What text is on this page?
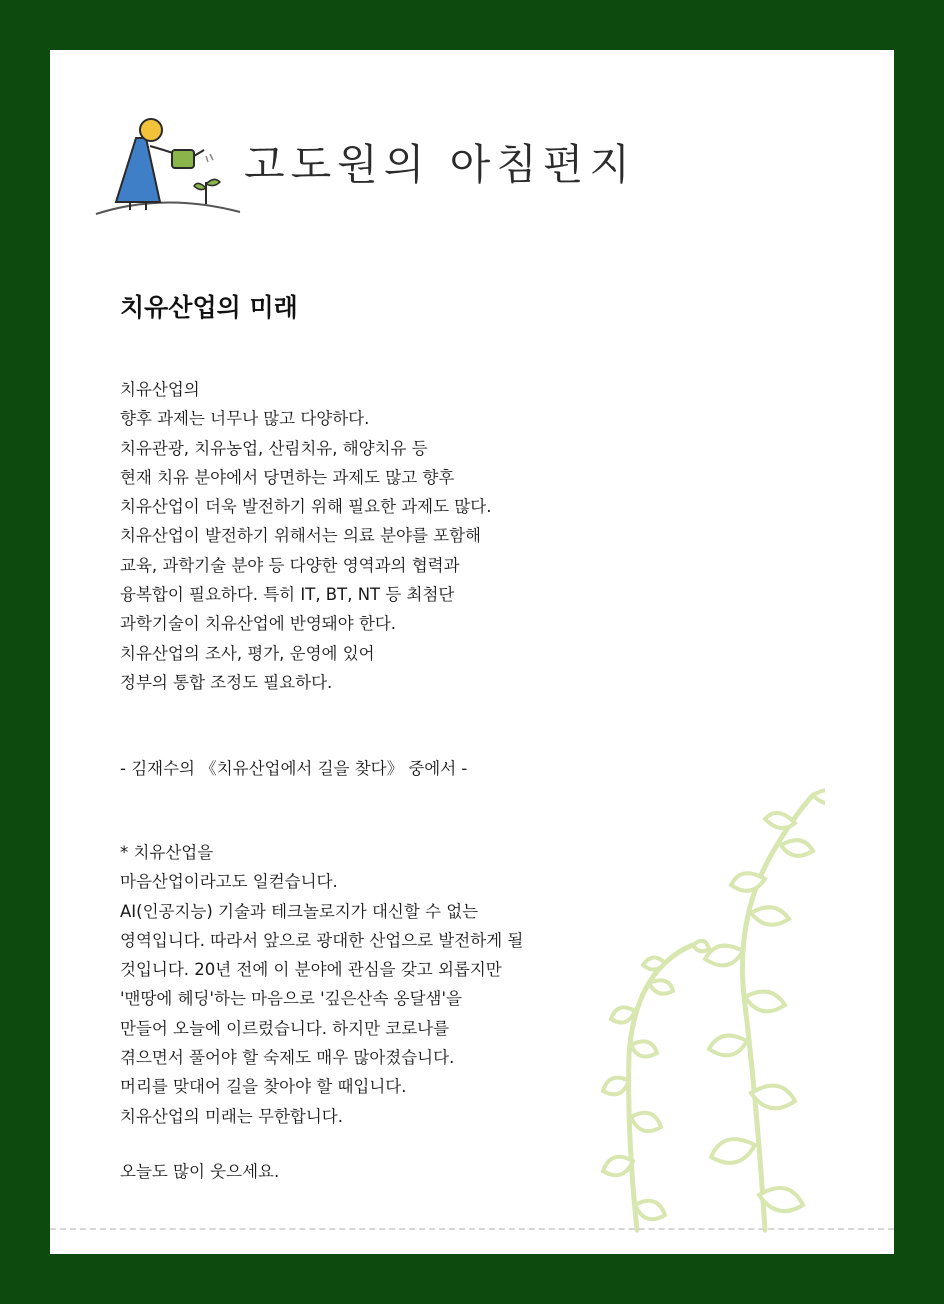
고도원의 아침편지
치유산업의 미래
치유산업의
향후 과제는 너무나 많고 다양하다.
치유관광, 치유농업, 산림치유, 해양치유 등
현재 치유 분야에서 당면하는 과제도 많고 향후
치유산업이 더욱 발전하기 위해 필요한 과제도 많다.
치유산업이 발전하기 위해서는 의료 분야를 포함해
교육, 과학기술 분야 등 다양한 영역과의 협력과
융복합이 필요하다. 특히 IT, BT, NT 등 최첨단
과학기술이 치유산업에 반영돼야 한다.
치유산업의 조사, 평가, 운영에 있어
정부의 통합 조정도 필요하다.
- 김재수의 《치유산업에서 길을 찾다》 중에서 -
* 치유산업을
마음산업이라고도 일컫습니다.
AI(인공지능) 기술과 테크놀로지가 대신할 수 없는
영역입니다. 따라서 앞으로 광대한 산업으로 발전하게 될
것입니다. 20년 전에 이 분야에 관심을 갖고 외롭지만
'맨땅에 헤딩'하는 마음으로 '깊은산속 옹달샘'을
만들어 오늘에 이르렀습니다. 하지만 코로나를
겪으면서 풀어야 할 숙제도 매우 많아졌습니다.
머리를 맞대어 길을 찾아야 할 때입니다.
치유산업의 미래는 무한합니다.
오늘도 많이 웃으세요.
